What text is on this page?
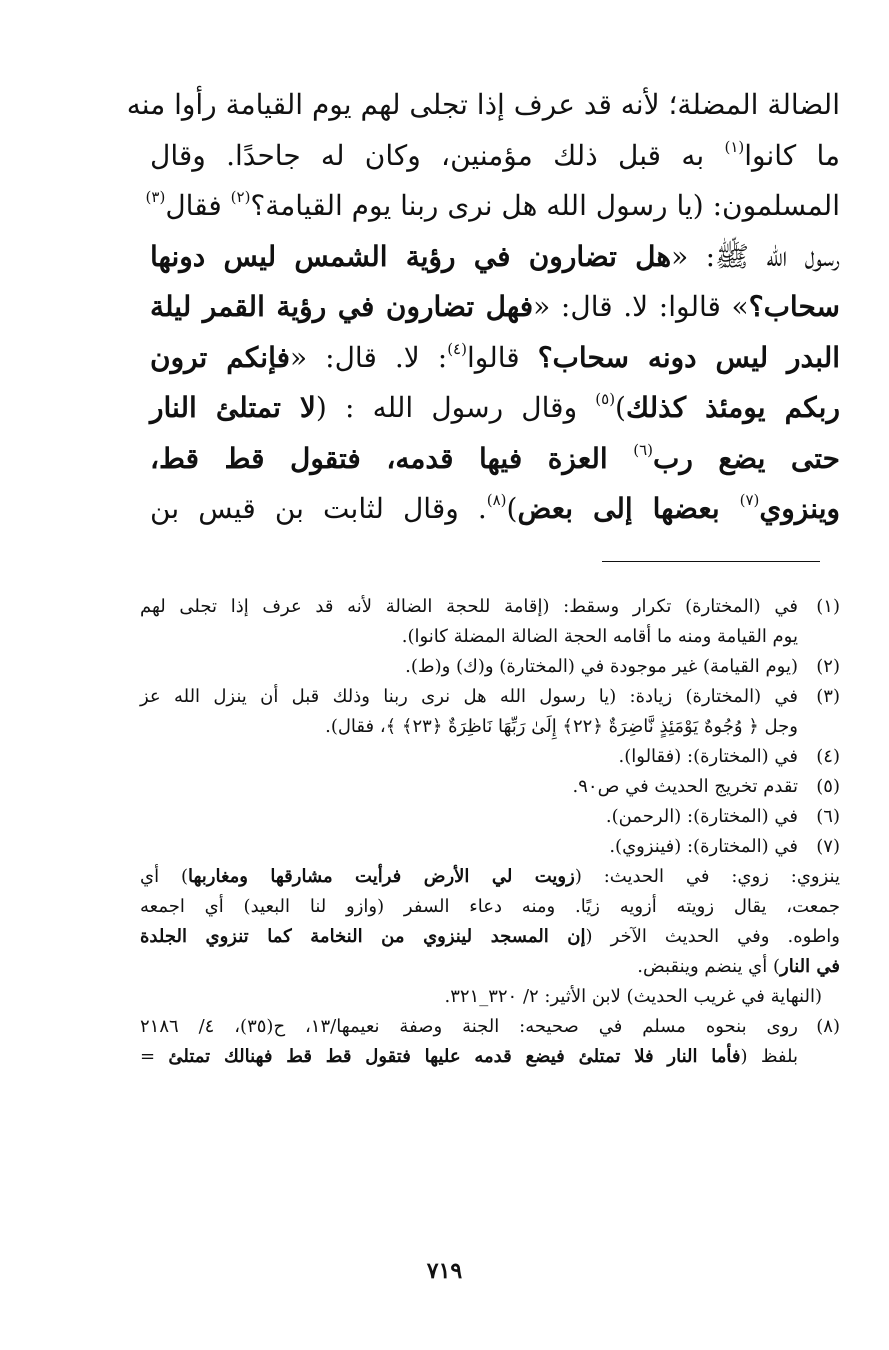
الضالة المضلة؛ لأنه قد عرف إذا تجلى لهم يوم القيامة رأوا منه
ما كانوا$^{(١)}$ به قبل ذلك مؤمنين، وكان له جاحدًا. وقال
المسلمون: (يا رسول الله هل نرى ربنا يوم القيامة؟$^{(٢)}$ فقال$^{(٣)}$
رسول الله ﷺ: «هل تضارون في رؤية الشمس ليس دونها
سحاب؟» قالوا: لا. قال: «فهل تضارون في رؤية القمر ليلة
البدر ليس دونه سحاب؟ قالوا$^{(٤)}$: لا. قال: «فإنكم ترون
ربكم يومئذ كذلك)$^{(٥)}$ وقال رسول الله : (لا تمتلئ النار
حتى يضع رب$^{(٦)}$ العزة فيها قدمه، فتقول قط قط،
وينزوي$^{(٧)}$ بعضها إلى بعض)$^{(٨)}$. وقال لثابت بن قيس بن
(١)
في (المختارة) تكرار وسقط: (إقامة للحجة الضالة لأنه قد عرف إذا تجلى لهم
يوم القيامة ومنه ما أقامه الحجة الضالة المضلة كانوا).
(٢)
(يوم القيامة) غير موجودة في (المختارة) و(ك) و(ط).
(٣)
في (المختارة) زيادة: (يا رسول الله هل نرى ربنا وذلك قبل أن ينزل الله عز
وجل ﴿ وُجُوهٌ يَوْمَئِذٍ نَّاضِرَةٌ ﴿٢٢﴾ إِلَىٰ رَبِّهَا نَاظِرَةٌ ﴿٢٣﴾ ﴾، فقال).
(٤)
في (المختارة): (فقالوا).
(٥)
تقدم تخريج الحديث في ص٩٠.
(٦)
في (المختارة): (الرحمن).
(٧)
في (المختارة): (فينزوي).
ينزوي: زوي: في الحديث: (زويت لي الأرض فرأيت مشارقها ومغاربها) أي
جمعت، يقال زويته أزويه زيًا. ومنه دعاء السفر (وازو لنا البعيد) أي اجمعه
واطوه. وفي الحديث الآخر (إن المسجد لينزوي من النخامة كما تنزوي الجلدة
في النار) أي ينضم وينقبض.
(النهاية في غريب الحديث) لابن الأثير: ٢/ ٣٢٠_٣٢١.
(٨)
روى بنحوه مسلم في صحيحه: الجنة وصفة نعيمها/١٣، ح(٣٥)، ٤/ ٢١٨٦
بلفظ (فأما النار فلا تمتلئ فيضع قدمه عليها فتقول قط قط فهنالك تمتلئ =
٧١٩
